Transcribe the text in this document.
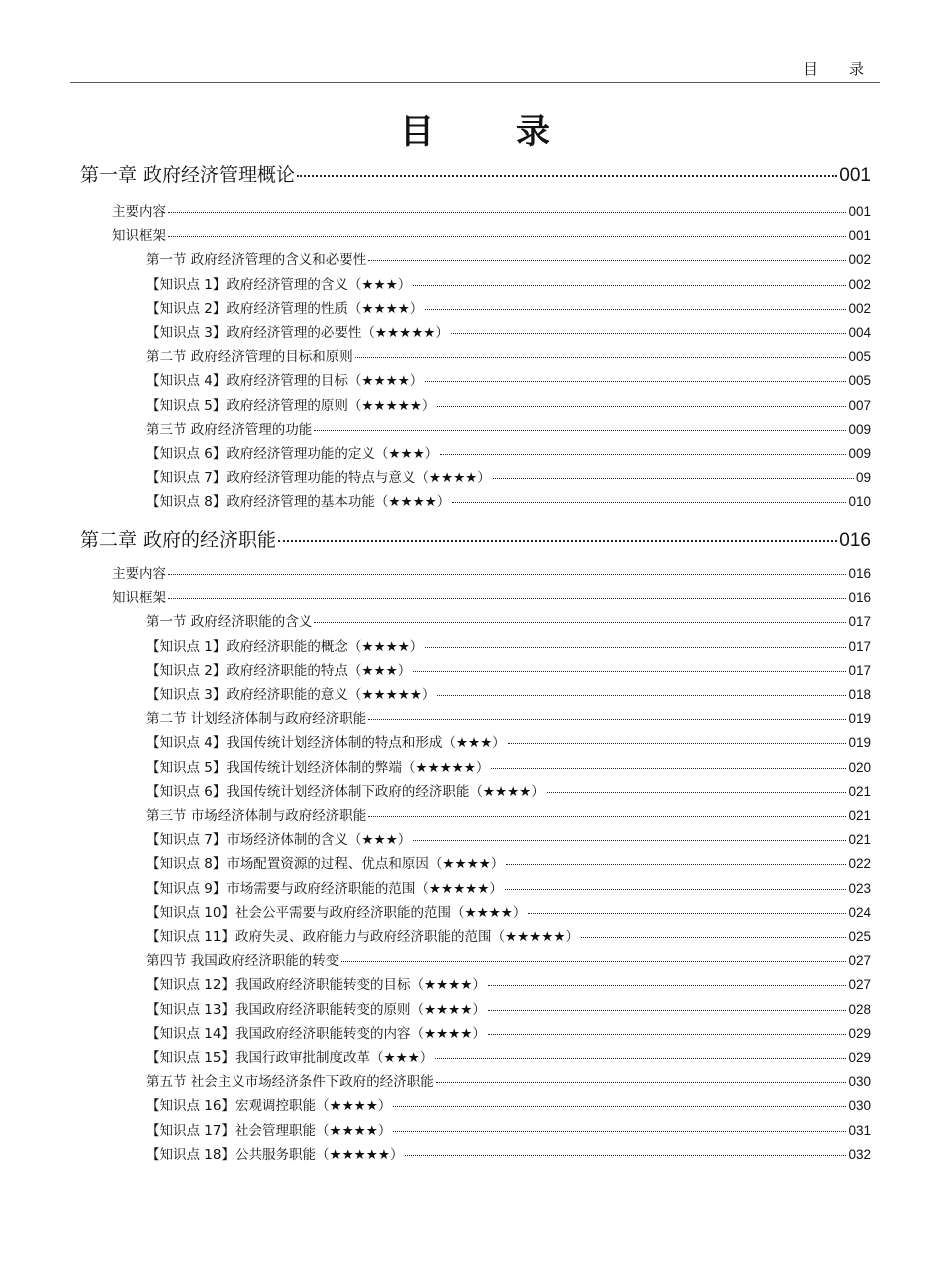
目　录
目　录
第一章 政府经济管理概论	001
主要内容	001
知识框架	001
第一节 政府经济管理的含义和必要性	002
【知识点 1】政府经济管理的含义（★★★）	002
【知识点 2】政府经济管理的性质（★★★★）	002
【知识点 3】政府经济管理的必要性（★★★★★）	004
第二节 政府经济管理的目标和原则	005
【知识点 4】政府经济管理的目标（★★★★）	005
【知识点 5】政府经济管理的原则（★★★★★）	007
第三节 政府经济管理的功能	009
【知识点 6】政府经济管理功能的定义（★★★）	009
【知识点 7】政府经济管理功能的特点与意义（★★★★）	09
【知识点 8】政府经济管理的基本功能（★★★★）	010
第二章 政府的经济职能	016
主要内容	016
知识框架	016
第一节 政府经济职能的含义	017
【知识点 1】政府经济职能的概念（★★★★）	017
【知识点 2】政府经济职能的特点（★★★）	017
【知识点 3】政府经济职能的意义（★★★★★）	018
第二节 计划经济体制与政府经济职能	019
【知识点 4】我国传统计划经济体制的特点和形成（★★★）	019
【知识点 5】我国传统计划经济体制的弊端（★★★★★）	020
【知识点 6】我国传统计划经济体制下政府的经济职能（★★★★）	021
第三节 市场经济体制与政府经济职能	021
【知识点 7】市场经济体制的含义（★★★）	021
【知识点 8】市场配置资源的过程、优点和原因（★★★★）	022
【知识点 9】市场需要与政府经济职能的范围（★★★★★）	023
【知识点 10】社会公平需要与政府经济职能的范围（★★★★）	024
【知识点 11】政府失灵、政府能力与政府经济职能的范围（★★★★★）	025
第四节 我国政府经济职能的转变	027
【知识点 12】我国政府经济职能转变的目标（★★★★）	027
【知识点 13】我国政府经济职能转变的原则（★★★★）	028
【知识点 14】我国政府经济职能转变的内容（★★★★）	029
【知识点 15】我国行政审批制度改革（★★★）	029
第五节 社会主义市场经济条件下政府的经济职能	030
【知识点 16】宏观调控职能（★★★★）	030
【知识点 17】社会管理职能（★★★★）	031
【知识点 18】公共服务职能（★★★★★）	032
